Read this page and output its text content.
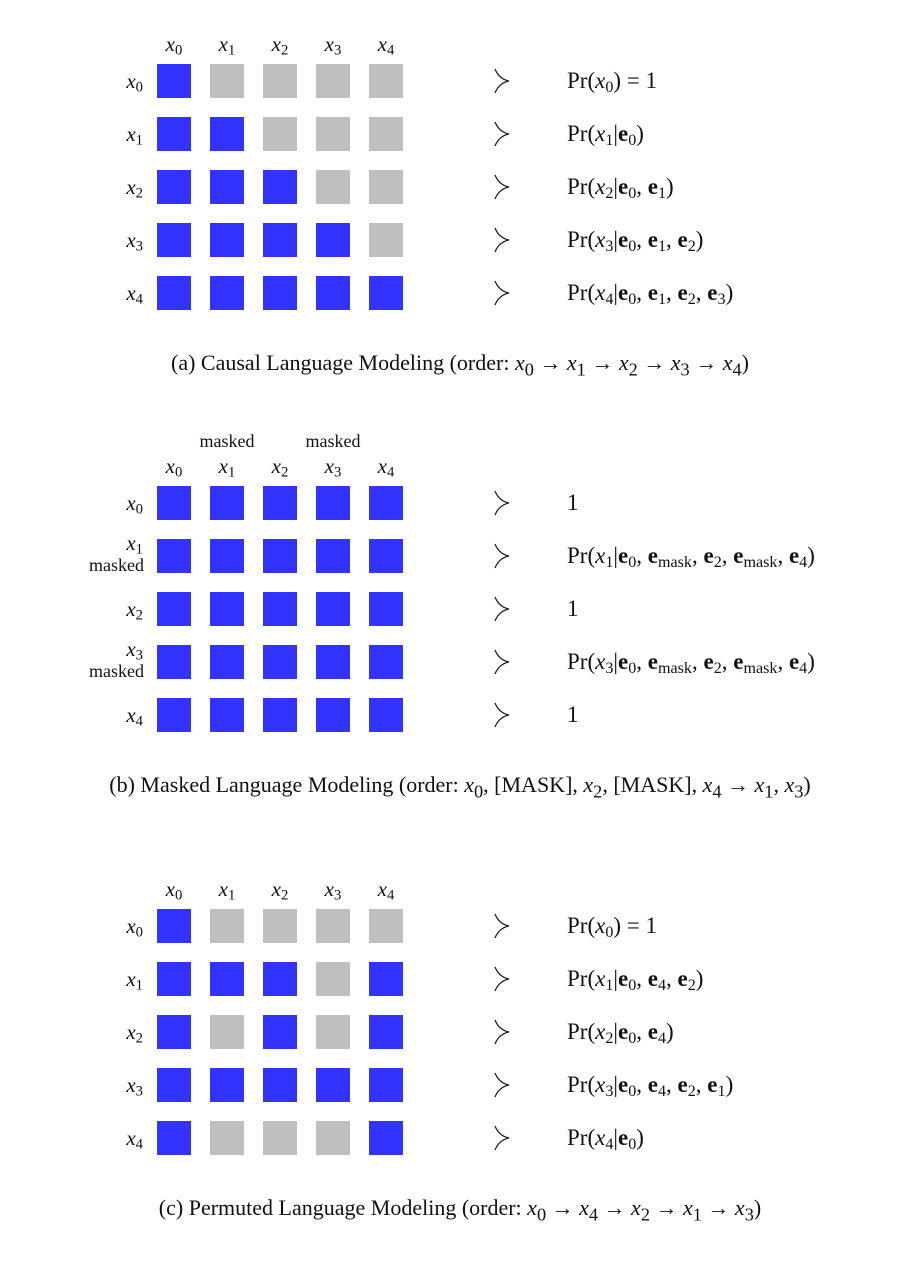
$x_0$	$x_1$	$x_2$	$x_3$	$x_4$
$x_0$	$Pr(x_0) = 1$
$x_1$	$Pr(x_1|e_0)$
$x_2$	$Pr(x_2|e_0$, $e_1$)
$x_3$	$Pr(x_3|e_0$, $e_1$, $e_2$)
$x_4$	$Pr(x_4|e_0$, $e_1$, $e_2$, $e_3$)
(a) Causal Language Modeling (order: $x_0 \to x_1 \to x_2 \to x_3 \to x_4$)
masked	masked
$x_0$	$x_1$	$x_2$	$x_3$	$x_4$
$x_0$	1
$x_1$
masked	$Pr(x_1|e_0$, $e_{mask}$, $e_2$, $e_{mask}$, $e_4$)
$x_2$	1
$x_3$
masked	$Pr(x_3|e_0$, $e_{mask}$, $e_2$, $e_{mask}$, $e_4$)
$x_4$	1
(b) Masked Language Modeling (order: $x_0$, [MASK], $x_2$, [MASK], $x_4 \to x_1$, $x_3$)
$x_0$	$x_1$	$x_2$	$x_3$	$x_4$
$x_0$	$Pr(x_0) = 1$
$x_1$	$Pr(x_1|e_0$, $e_4$, $e_2$)
$x_2$	$Pr(x_2|e_0$, $e_4$)
$x_3$	$Pr(x_3|e_0$, $e_4$, $e_2$, $e_1$)
$x_4$	$Pr(x_4|e_0)$
(c) Permuted Language Modeling (order: $x_0 \to x_4 \to x_2 \to x_1 \to x_3$)
